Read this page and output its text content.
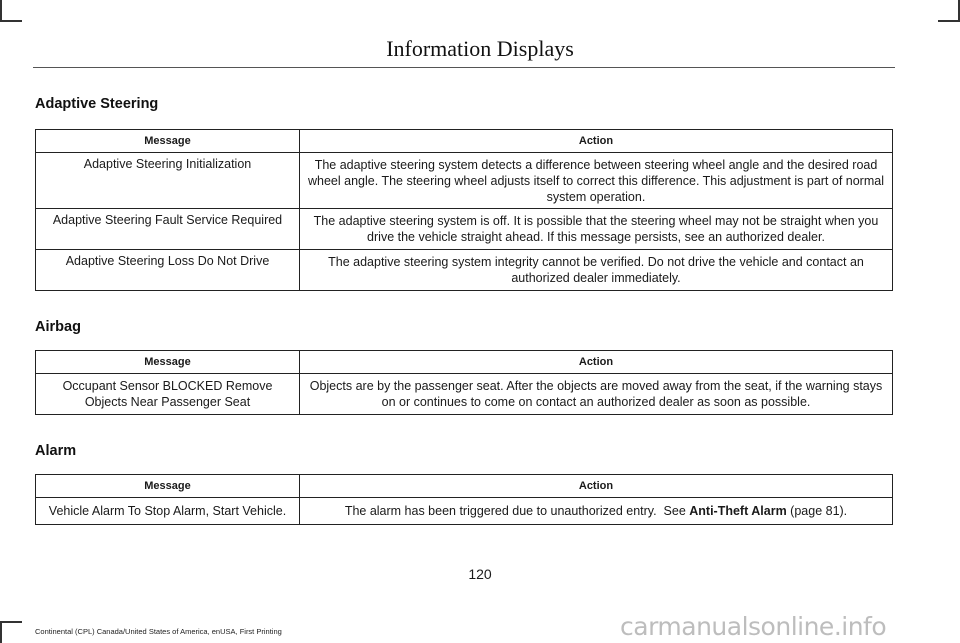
Information Displays
Adaptive Steering
Message	Action
Adaptive Steering Initialization	The adaptive steering system detects a difference between steering wheel angle and the desired road wheel angle. The steering wheel adjusts itself to correct this difference. This adjustment is part of normal system operation.
Adaptive Steering Fault Service Required	The adaptive steering system is off. It is possible that the steering wheel may not be straight when you drive the vehicle straight ahead. If this message persists, see an authorized dealer.
Adaptive Steering Loss Do Not Drive	The adaptive steering system integrity cannot be verified. Do not drive the vehicle and contact an authorized dealer immediately.
Airbag
Message	Action
Occupant Sensor BLOCKED Remove Objects Near Passenger Seat	Objects are by the passenger seat. After the objects are moved away from the seat, if the warning stays on or continues to come on contact an authorized dealer as soon as possible.
Alarm
Message	Action
Vehicle Alarm To Stop Alarm, Start Vehicle.	The alarm has been triggered due to unauthorized entry.  See Anti-Theft Alarm (page 81).
120
Continental (CPL) Canada/United States of America, enUSA, First Printing	carmanualsonline.info
